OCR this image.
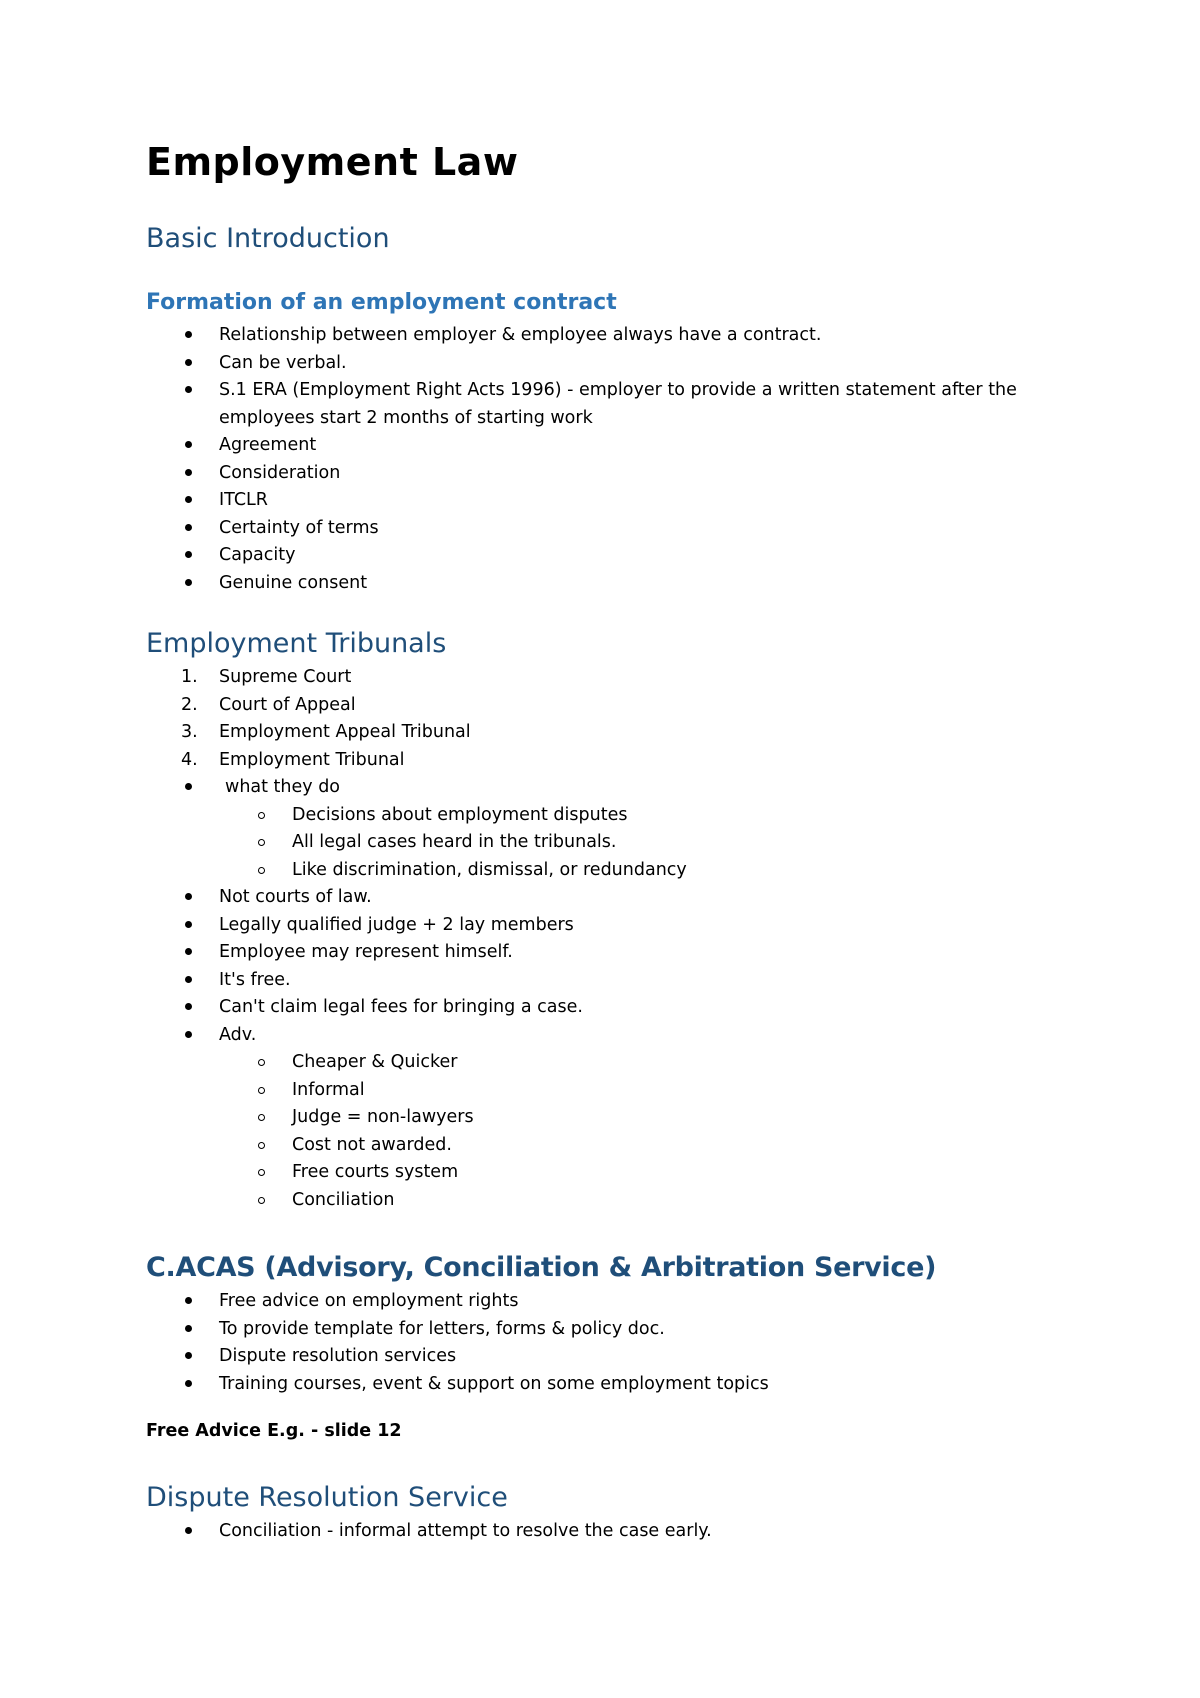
Employment Law
Basic Introduction
Formation of an employment contract
Relationship between employer & employee always have a contract.
Can be verbal.
S.1 ERA (Employment Right Acts 1996) - employer to provide a written statement after the employees start 2 months of starting work
Agreement
Consideration
ITCLR
Certainty of terms
Capacity
Genuine consent
Employment Tribunals
1. Supreme Court
2. Court of Appeal
3. Employment Appeal Tribunal
4. Employment Tribunal
what they do
Decisions about employment disputes
All legal cases heard in the tribunals.
Like discrimination, dismissal, or redundancy
Not courts of law.
Legally qualified judge + 2 lay members
Employee may represent himself.
It's free.
Can't claim legal fees for bringing a case.
Adv.
Cheaper & Quicker
Informal
Judge = non-lawyers
Cost not awarded.
Free courts system
Conciliation
C.ACAS (Advisory, Conciliation & Arbitration Service)
Free advice on employment rights
To provide template for letters, forms & policy doc.
Dispute resolution services
Training courses, event & support on some employment topics

Free Advice E.g. - slide 12

Dispute Resolution Service
Conciliation - informal attempt to resolve the case early.
